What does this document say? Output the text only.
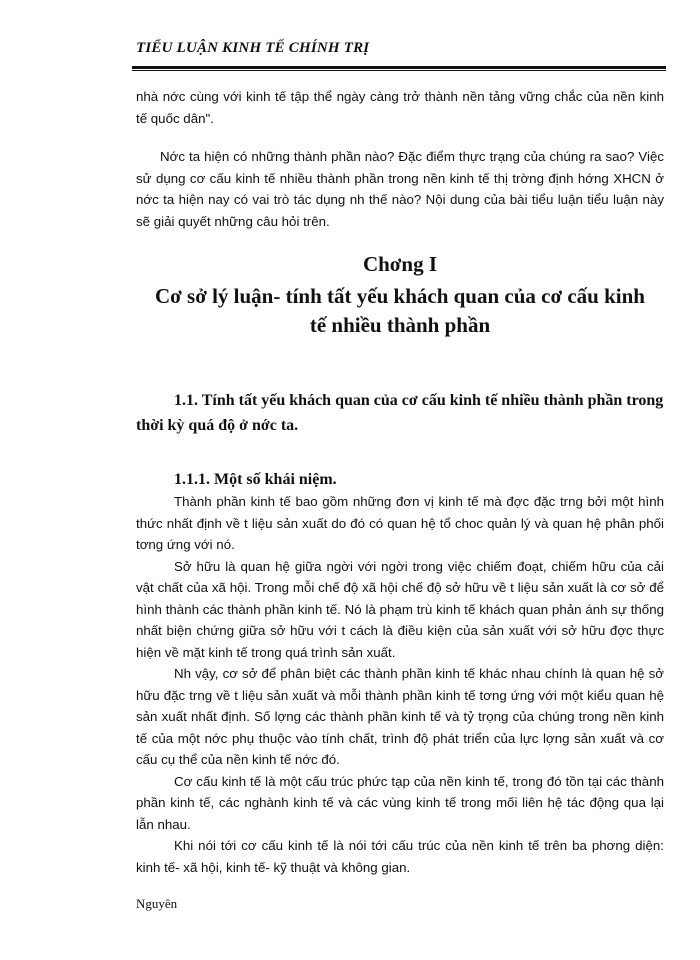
TIỂU LUẬN KINH TẾ CHÍNH TRỊ

nhà nớc cùng với kinh tế tập thể ngày càng trở thành nền tảng vững chắc của nền kinh tế quốc dân".

Nớc ta hiện có những thành phần nào? Đặc điểm thực trạng của chúng ra sao? Việc sử dụng cơ cấu kinh tế nhiều thành phần trong nền kinh tế thị trờng định hớng XHCN ở nớc ta hiện nay có vai trò tác dụng nh thế nào? Nội dung của bài tiểu luận tiểu luận này sẽ giải quyết những câu hỏi trên.

Chơng I
Cơ sở lý luận- tính tất yếu khách quan của cơ cấu kinh tế nhiều thành phần
1.1. Tính tất yếu khách quan của cơ cấu kinh tế nhiều thành phần trong thời kỳ quá độ ở nớc ta.
1.1.1. Một số khái niệm.

Thành phần kinh tế bao gồm những đơn vị kinh tế mà đợc đặc trng bởi một hình thức nhất định về t liệu sản xuất do đó có quan hệ tổ choc quản lý và quan hệ phân phối tơng ứng với nó.

Sở hữu là quan hệ giữa ngời với ngời trong việc chiếm đoạt, chiếm hữu của cải vật chất của xã hội. Trong mỗi chế độ xã hội chế độ sở hữu về t liệu sản xuất là cơ sở để hình thành các thành phần kinh tế. Nó là phạm trù kinh tế khách quan phản ánh sự thống nhất biện chứng giữa sở hữu với t cách là điều kiện của sản xuất với sở hữu đợc thực hiện về mặt kinh tế trong quá trình sản xuất.

Nh vậy, cơ sở để phân biệt các thành phần kinh tế khác nhau chính là quan hệ sở hữu đặc trng về t liệu sản xuất và mỗi thành phần kinh tế tơng ứng với một kiểu quan hệ sản xuất nhất định. Số lợng các thành phần kinh tế và tỷ trọng của chúng trong nền kinh tế của một nớc phụ thuộc vào tính chất, trình độ phát triển của lực lợng sản xuất và cơ cấu cụ thể của nền kinh tế nớc đó.

Cơ cấu kinh tế là một cấu trúc phức tạp của nền kinh tế, trong đó tồn tại các thành phần kinh tế, các nghành kinh tế và các vùng kinh tế trong mối liên hệ tác động qua lại lẫn nhau.

Khi nói tới cơ cấu kinh tế là nói tới cấu trúc của nền kinh tế trên ba phơng diện: kinh tế- xã hội, kinh tế- kỹ thuật và không gian.

Nguyên
